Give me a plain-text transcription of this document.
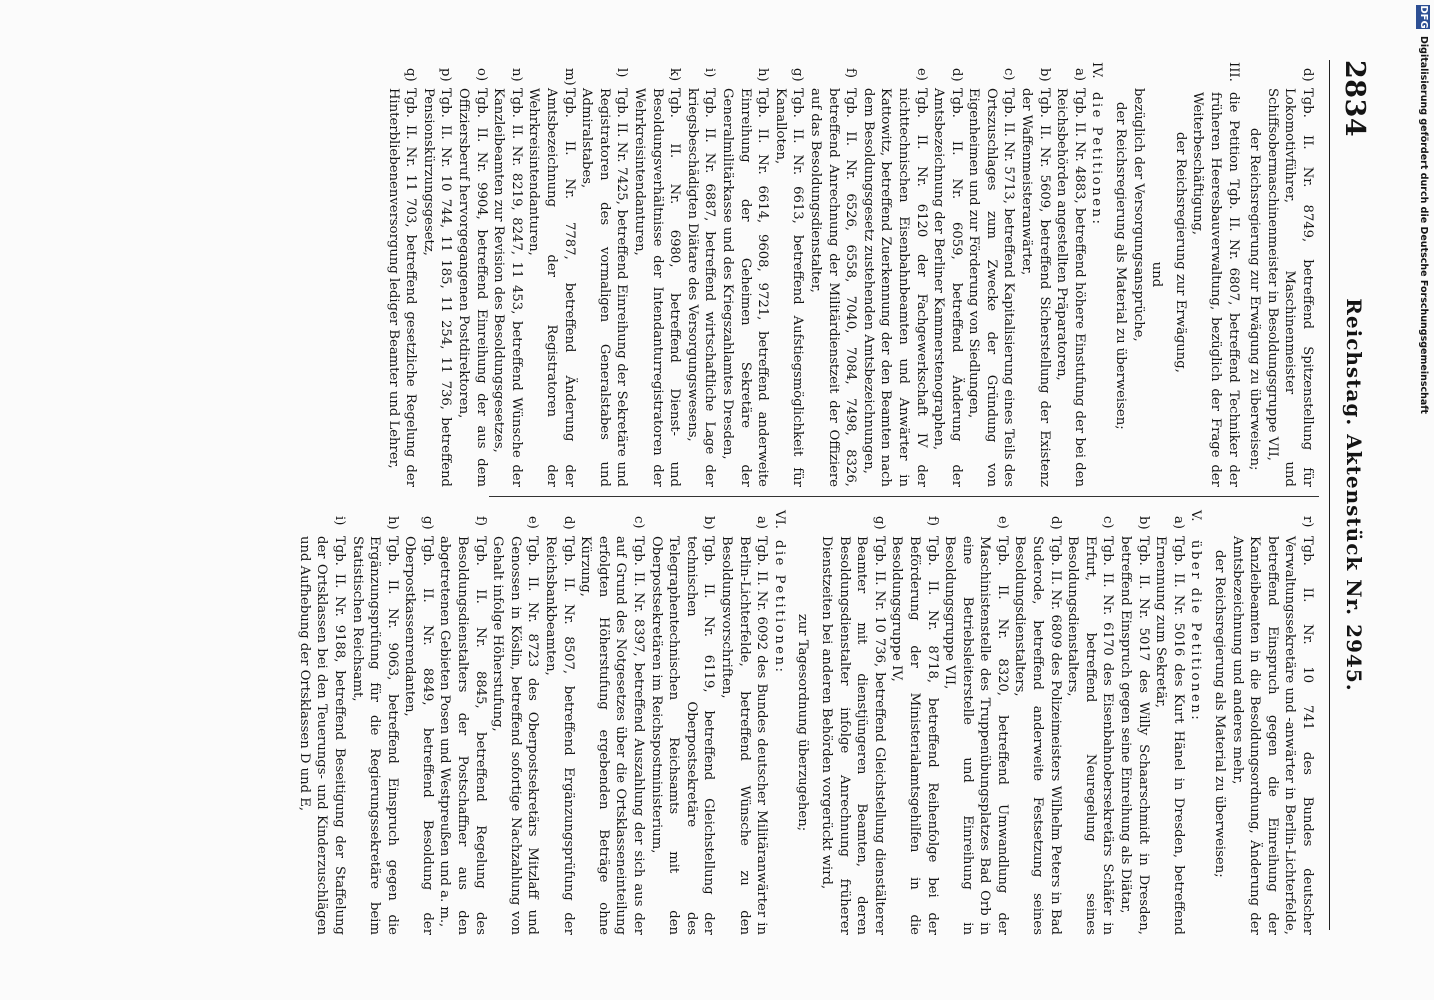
DFG
Digitalisierung gefördert durch die Deutsche Forschungsgemeinschaft
2834
Reichstag. Aktenstück Nr. 2945.
d)

Tgb. II. Nr. 8749, betreffend Spitzenstellung für Lokomotivführer, Maschinenmeister und Schiffsobermaschinenmeister in Besoldungsgruppe VII,

der Reichsregierung zur Erwägung zu überweisen;

III.

die Petition Tgb. II. Nr. 6807, betreffend Techniker der früheren Heeresbauverwaltung, bezüglich der Frage der Weiterbeschäftigung,

der Reichsregierung zur Erwägung,

und

bezüglich der Versorgungsansprüche,

der Reichsregierung als Material zu überweisen;

IV.

die Petitionen:

a)

Tgb. II. Nr. 4883, betreffend höhere Einstufung der bei den Reichsbehörden angestellten Präparatoren,

b)

Tgb. II. Nr. 5609, betreffend Sicherstellung der Existenz der Waffenmeisteranwärter,

c)

Tgb. II. Nr. 5713, betreffend Kapitalisierung eines Teils des Ortszuschlages zum Zwecke der Gründung von Eigenheimen und zur Förderung von Siedlungen,

d)

Tgb. II. Nr. 6059, betreffend Änderung der Amtsbezeichnung der Berliner Kammerstenographen,

e)

Tgb. II. Nr. 6120 der Fachgewerkschaft IV der nichttechnischen Eisenbahnbeamten und Anwärter in Kattowitz, betreffend Zuerkennung der den Beamten nach dem Besoldungsgesetz zustehenden Amtsbezeichnungen,

f)

Tgb. II. Nr. 6526, 6558, 7040, 7084, 7498, 8326, betreffend Anrechnung der Militärdienstzeit der Offiziere auf das Besoldungsdienstalter,

g)

Tgb. II. Nr. 6613, betreffend Aufstiegsmöglichkeit für Kanalloten,

h)

Tgb. II. Nr. 6614, 9608, 9721, betreffend anderweite Einreihung der Geheimen Sekretäre der Generalmilitärkasse und des Kriegszahlamtes Dresden,

i)

Tgb. II. Nr. 6887, betreffend wirtschaftliche Lage der kriegsbeschädigten Diätare des Versorgungswesens,

k)

Tgb. II. Nr. 6980, betreffend Dienst- und Besoldungsverhältnisse der Intendanturregistratoren der Wehrkreisintendanturen,

l)

Tgb. II. Nr. 7425, betreffend Einreihung der Sekretäre und Registratoren des vormaligen Generalstabes und Admiralstabes,

m)

Tgb. II. Nr. 7787, betreffend Änderung der Amtsbezeichnung der Registratoren der Wehrkreisintendanturen,

n)

Tgb. II. Nr. 8219, 8247, 11 453, betreffend Wünsche der Kanzleibeamten zur Revision des Besoldungsgesetzes,

o)

Tgb. II. Nr. 9904, betreffend Einreihung der aus dem Offiziersberuf hervorgegangenen Postdirektoren,

p)

Tgb. II. Nr. 10 744, 11 185, 11 254, 11 736, betreffend Pensionskürzungsgesetz,

q)

Tgb. II. Nr. 11 703, betreffend gesetzliche Regelung der Hinterbliebenenversorgung lediger Beamter und Lehrer,

r)

Tgb. II. Nr. 10 741 des Bundes deutscher Verwaltungssekretäre und -anwärter in Berlin-Lichterfelde, betreffend Einspruch gegen die Einreihung der Kanzleibeamten in die Besoldungsordnung, Änderung der Amtsbezeichnung und anderes mehr,

der Reichsregierung als Material zu überweisen;

V.

über die Petitionen:

a)

Tgb. II. Nr. 5016 des Kurt Hänel in Dresden, betreffend Ernennung zum Sekretär,

b)

Tgb. II. Nr. 5017 des Willy Schaarschmidt in Dresden, betreffend Einspruch gegen seine Einreihung als Diätar,

c)

Tgb. II. Nr. 6170 des Eisenbahnobersekretärs Schäfer in Erfurt, betreffend Neuregelung seines Besoldungsdienstalters,

d)

Tgb. II. Nr. 6809 des Polizeimeisters Wilhelm Peters in Bad Suderode, betreffend anderweite Festsetzung seines Besoldungsdienstalters,

e)

Tgb. II. Nr. 8320, betreffend Umwandlung der Maschinistenstelle des Truppenübungsplatzes Bad Orb in eine Betriebsleiterstelle und Einreihung in Besoldungsgruppe VII,

f)

Tgb. II. Nr. 8718, betreffend Reihenfolge bei der Beförderung der Ministerialamtsgehilfen in die Besoldungsgruppe IV,

g)

Tgb. II. Nr. 10 736, betreffend Gleichstellung dienstälterer Beamter mit dienstjüngeren Beamten, deren Besoldungsdienstalter infolge Anrechnung früherer Dienstzeiten bei anderen Behörden vorgerückt wird,

zur Tagesordnung überzugehen;

VI.

die Petitionen:

a)

Tgb. II. Nr. 6092 des Bundes deutscher Militäranwärter in Berlin-Lichterfelde, betreffend Wünsche zu den Besoldungsvorschriften,

b)

Tgb. II. Nr. 6119, betreffend Gleichstellung der technischen Oberpostsekretäre des Telegraphentechnischen Reichsamts mit den Oberpostsekretären im Reichspostministerium,

c)

Tgb. II. Nr. 8397, betreffend Auszahlung der sich aus der auf Grund des Notgesetzes über die Ortsklasseneinteilung erfolgten Höherstufung ergebenden Beträge ohne Kürzung,

d)

Tgb. II. Nr. 8507, betreffend Ergänzungsprüfung der Reichsbankbeamten,

e)

Tgb. II. Nr. 8723 des Oberpostsekretärs Mitzlaff und Genossen in Köslin, betreffend sofortige Nachzahlung von Gehalt infolge Höherstufung,

f)

Tgb. II. Nr. 8845, betreffend Regelung des Besoldungsdienstalters der Postschaffner aus den abgetretenen Gebieten Posen und Westpreußen und a. m.,

g)

Tgb. II. Nr. 8849, betreffend Besoldung der Oberpostkassenrendanten,

h)

Tgb. II. Nr. 9063, betreffend Einspruch gegen die Ergänzungsprüfung für die Regierungssekretäre beim Statistischen Reichsamt,

i)

Tgb. II. Nr. 9188, betreffend Beseitigung der Staffelung der Ortsklassen bei den Teuerungs- und Kinderzuschlägen und Aufhebung der Ortsklassen D und E,
